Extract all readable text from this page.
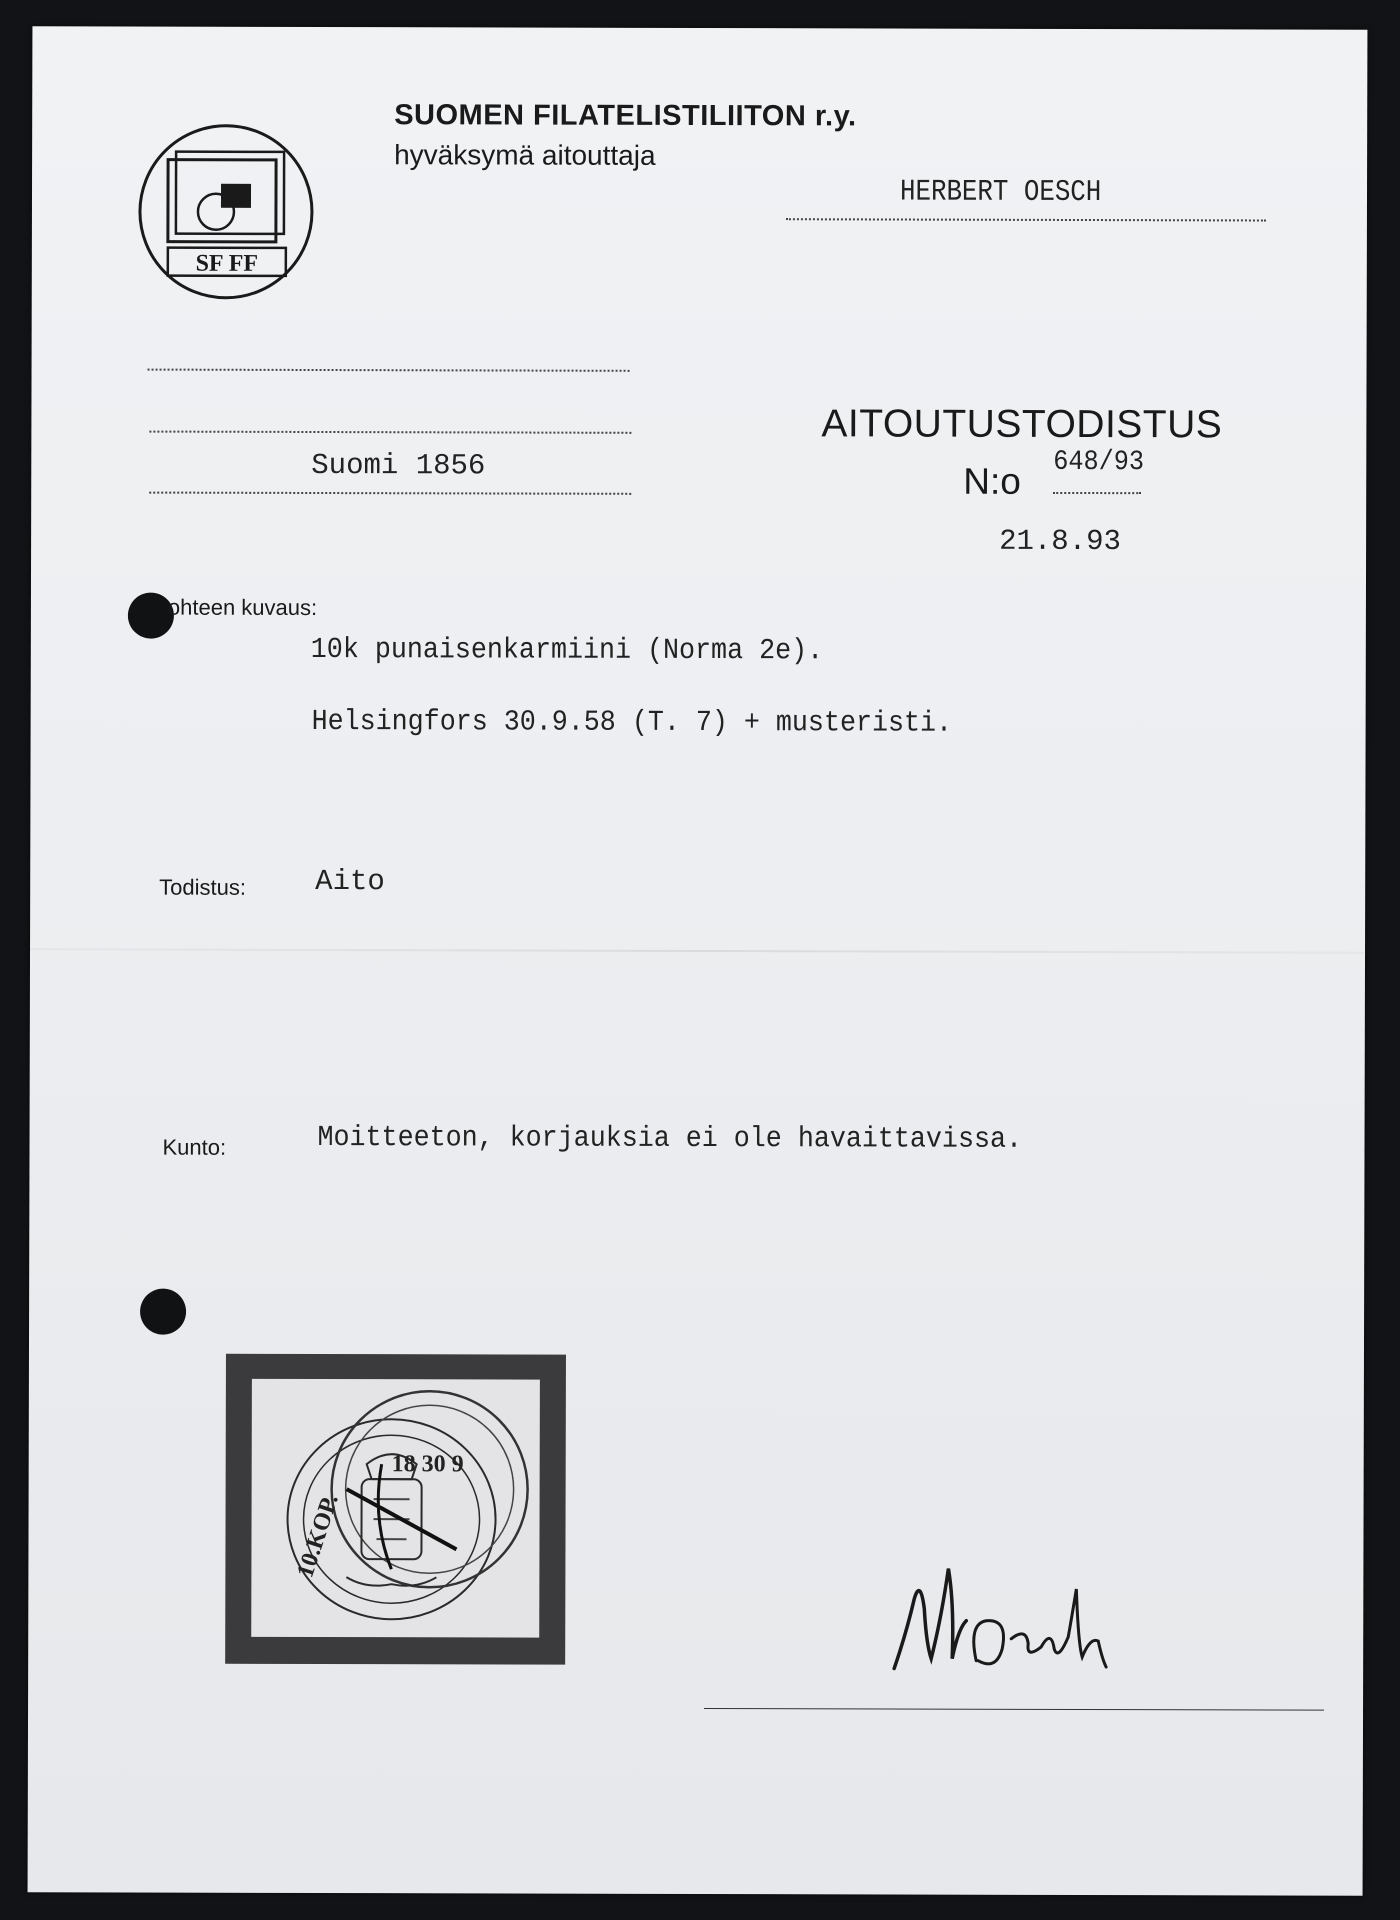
SF FF
SUOMEN FILATELISTILIITON r.y.
hyväksymä aitouttaja
HERBERT OESCH
Suomi 1856
AITOUTUSTODISTUS
N:o 648/93
21.8.93
ohteen kuvaus:
10k punaisenkarmiini (Norma 2e).
Helsingfors 30.9.58 (T. 7) + musteristi.
Todistus: Aito
Kunto:	Moitteeton, korjauksia ei ole havaittavissa.
10.KOP.
18 30 9
W Oesch
